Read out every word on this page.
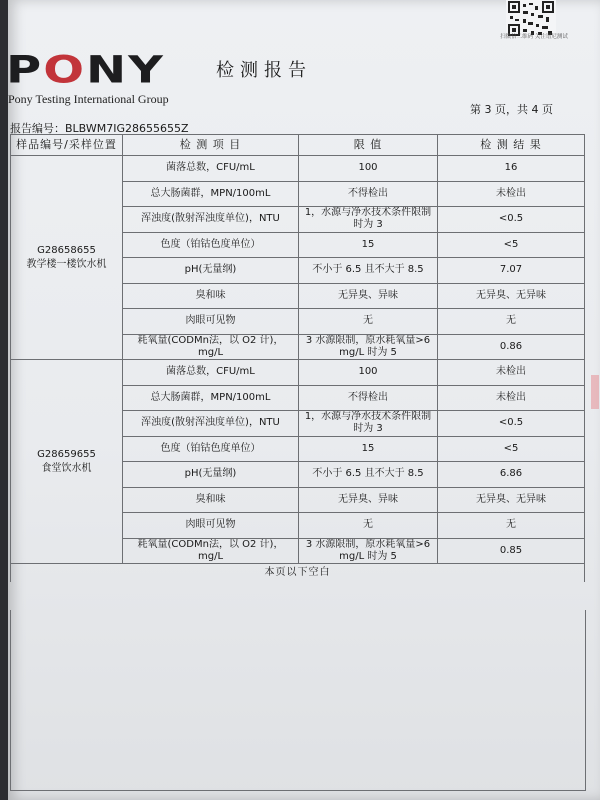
PONY
Pony Testing International Group
检测报告
扫微信二维码 关注谱尼测试
第 3 页，共 4 页
报告编号：BLBWM7IG28655655Z
样品编号/采样位置	检 测 项 目	限 值	检 测 结 果

G28658655
教学楼一楼饮水机	菌落总数，CFU/mL	100	16
	总大肠菌群，MPN/100mL	不得检出	未检出
	浑浊度(散射浑浊度单位)，NTU	1，水源与净水技术条件限制时为 3	<0.5
	色度（铂钴色度单位）	15	<5
	pH(无量纲)	不小于 6.5 且不大于 8.5	7.07
	臭和味	无异臭、异味	无异臭、无异味
	肉眼可见物	无	无
	耗氧量(CODMn法，以 O2 计)，mg/L	3 水源限制，原水耗氧量>6 mg/L 时为 5	0.86

G28659655
食堂饮水机	菌落总数，CFU/mL	100	未检出
	总大肠菌群，MPN/100mL	不得检出	未检出
	浑浊度(散射浑浊度单位)，NTU	1，水源与净水技术条件限制时为 3	<0.5
	色度（铂钴色度单位）	15	<5
	pH(无量纲)	不小于 6.5 且不大于 8.5	6.86
	臭和味	无异臭、异味	无异臭、无异味
	肉眼可见物	无	无
	耗氧量(CODMn法，以 O2 计)，mg/L	3 水源限制，原水耗氧量>6 mg/L 时为 5	0.85
本页以下空白			
